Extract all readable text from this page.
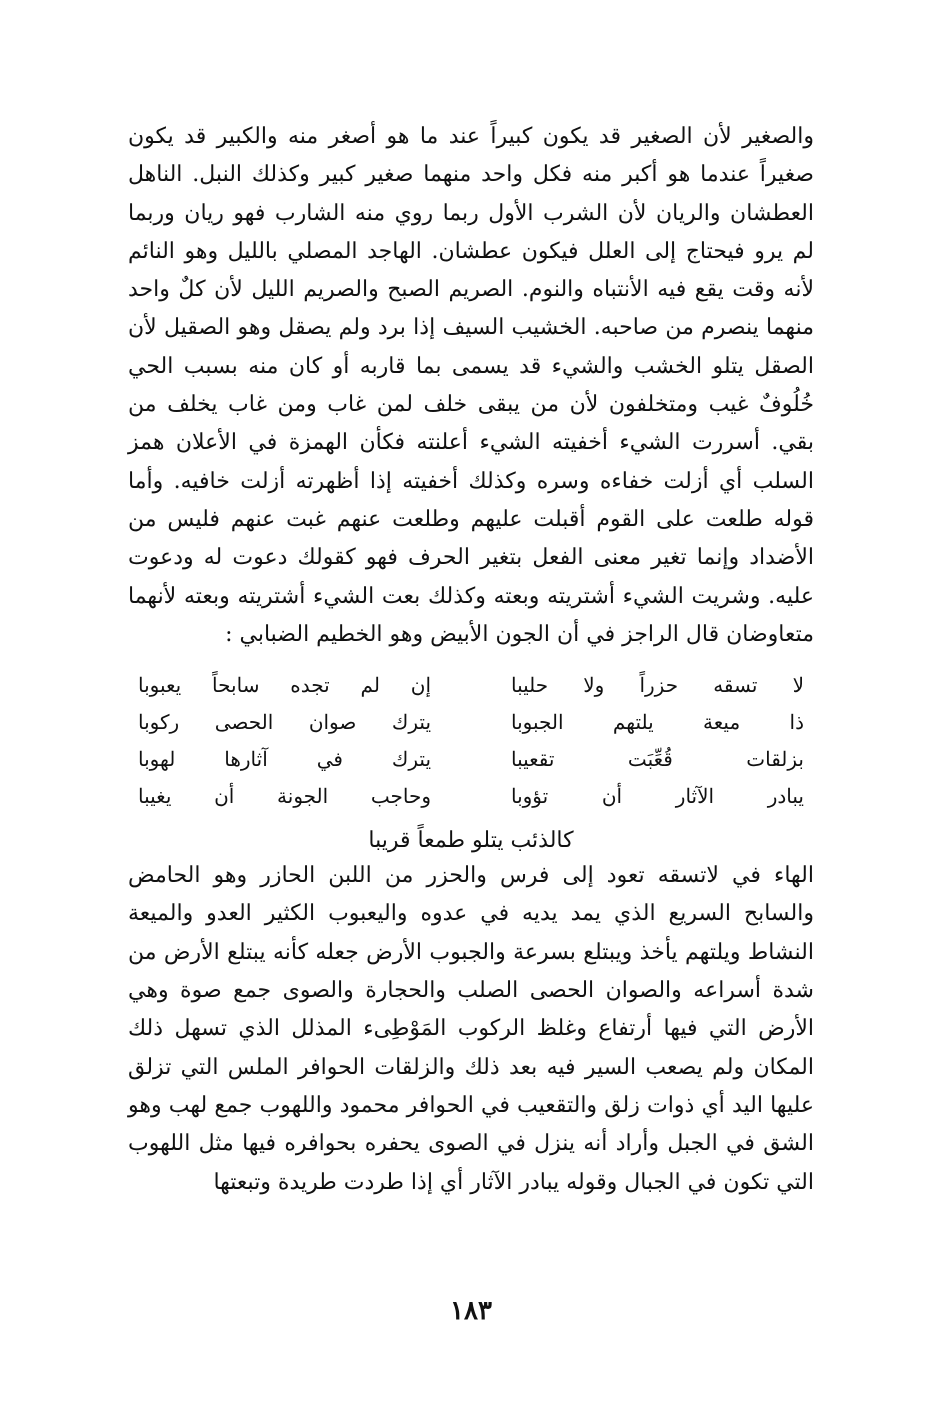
والصغير لأن الصغير قد يكون كبيراً عند ما هو أصغر منه والكبير قد يكون صغيراً عندما هو أكبر منه فكل واحد منهما صغير كبير وكذلك النبل. الناهل العطشان والريان لأن الشرب الأول ربما روي منه الشارب فهو ريان وربما لم يرو فيحتاج إلى العلل فيكون عطشان. الهاجد المصلي بالليل وهو النائم لأنه وقت يقع فيه الأنتباه والنوم. الصريم الصبح والصريم الليل لأن كلٌ واحد منهما ينصرم من صاحبه. الخشيب السيف إذا برد ولم يصقل وهو الصقيل لأن الصقل يتلو الخشب والشيء قد يسمى بما قاربه أو كان منه بسبب الحي خُلُوفٌ غيب ومتخلفون لأن من يبقى خلف لمن غاب ومن غاب يخلف من بقي. أسررت الشيء أخفيته الشيء أعلنته فكأن الهمزة في الأعلان همز السلب أي أزلت خفاءه وسره وكذلك أخفيته إذا أظهرته أزلت خافيه. وأما قوله طلعت على القوم أقبلت عليهم وطلعت عنهم غبت عنهم فليس من الأضداد وإنما تغير معنى الفعل بتغير الحرف فهو كقولك دعوت له ودعوت عليه. وشريت الشيء أشتريته وبعته وكذلك بعت الشيء أشتريته وبعته لأنهما متعاوضان قال الراجز في أن الجون الأبيض وهو الخطيم الضبابي :

لا تسقه حزراً ولا حليبا
إن لم تجده سابحاً يعبوبا
ذا ميعة يلتهم الجبوبا
يترك صوان الحصى ركوبا
بزلقات قُعِّبَت تقعيبا
يترك في آثارها لهوبا
يبادر الآثار أن تؤوبا
وحاجب الجونة أن يغيبا
كالذئب يتلو طمعاً قريبا

الهاء في لاتسقه تعود إلى فرس والحزر من اللبن الحازر وهو الحامض والسابح السريع الذي يمد يديه في عدوه واليعبوب الكثير العدو والميعة النشاط ويلتهم يأخذ ويبتلع بسرعة والجبوب الأرض جعله كأنه يبتلع الأرض من شدة أسراعه والصوان الحصى الصلب والحجارة والصوى جمع صوة وهي الأرض التي فيها أرتفاع وغلظ الركوب المَوْطِىء المذلل الذي تسهل ذلك المكان ولم يصعب السير فيه بعد ذلك والزلقات الحوافر الملس التي تزلق عليها اليد أي ذوات زلق والتقعيب في الحوافر محمود واللهوب جمع لهب وهو الشق في الجبل وأراد أنه ينزل في الصوى يحفره بحوافره فيها مثل اللهوب التي تكون في الجبال وقوله يبادر الآثار أي إذا طردت طريدة وتبعتها

١٨٣
